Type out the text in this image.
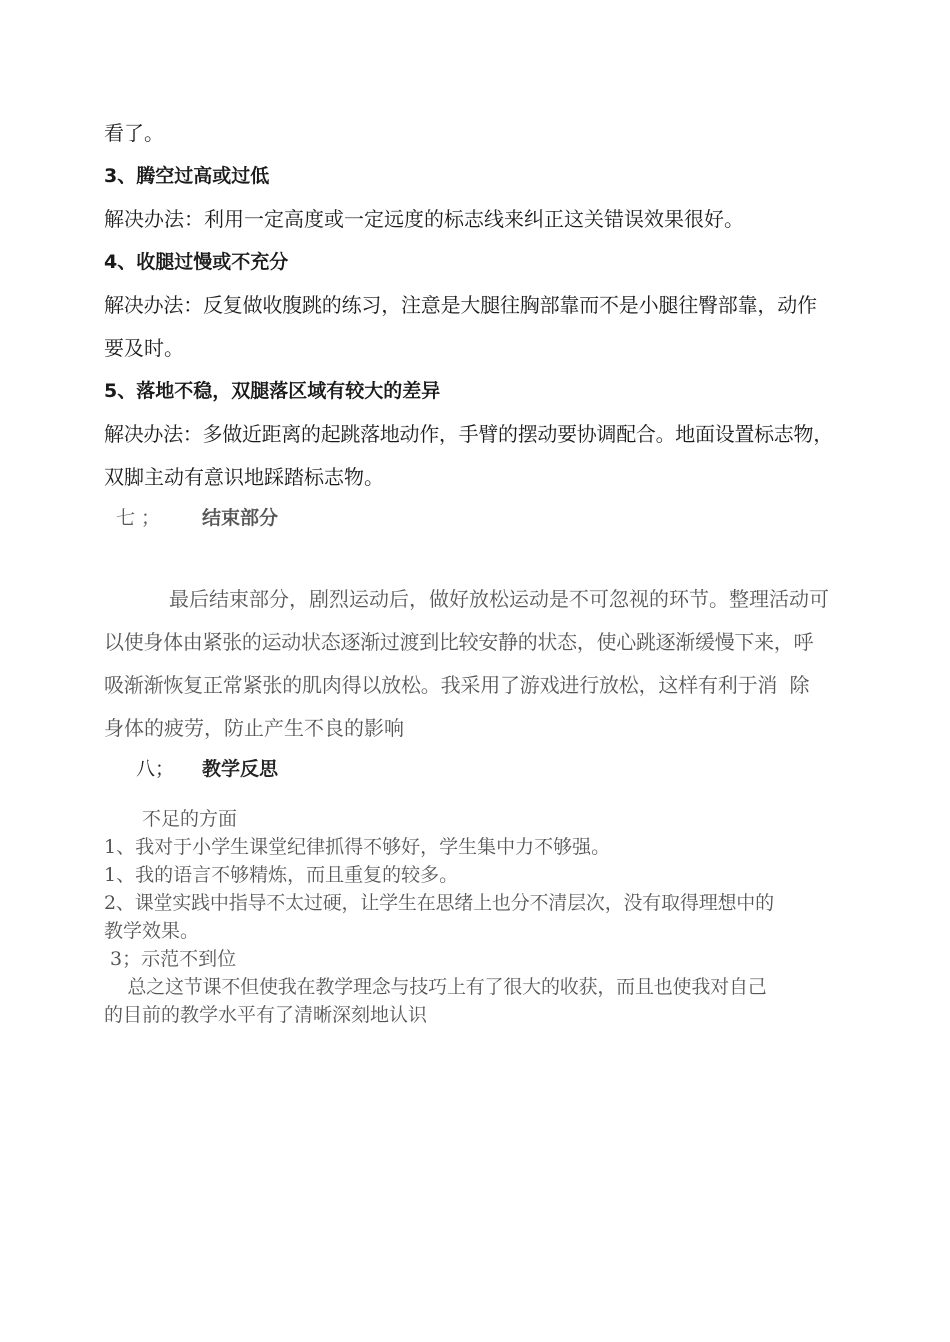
看了。
3、腾空过高或过低
解决办法：利用一定高度或一定远度的标志线来纠正这关错误效果很好。
4、收腿过慢或不充分
解决办法：反复做收腹跳的练习，注意是大腿往胸部靠而不是小腿往臀部靠，动作
要及时。
5、落地不稳，双腿落区域有较大的差异
解决办法：多做近距离的起跳落地动作，手臂的摆动要协调配合。地面设置标志物，
双脚主动有意识地踩踏标志物。
七 ； 结束部分
最后结束部分，剧烈运动后，做好放松运动是不可忽视的环节。整理活动可
以使身体由紧张的运动状态逐渐过渡到比较安静的状态，使心跳逐渐缓慢下来，呼
吸渐渐恢复正常紧张的肌肉得以放松。我采用了游戏进行放松，这样有利于消  除
身体的疲劳，防止产生不良的影响
八； 教学反思
不足的方面
1、我对于小学生课堂纪律抓得不够好，学生集中力不够强。
1、我的语言不够精炼，而且重复的较多。
2、课堂实践中指导不太过硬，让学生在思绪上也分不清层次，没有取得理想中的
教学效果。
3；示范不到位
总之这节课不但使我在教学理念与技巧上有了很大的收获，而且也使我对自己
的目前的教学水平有了清晰深刻地认识
